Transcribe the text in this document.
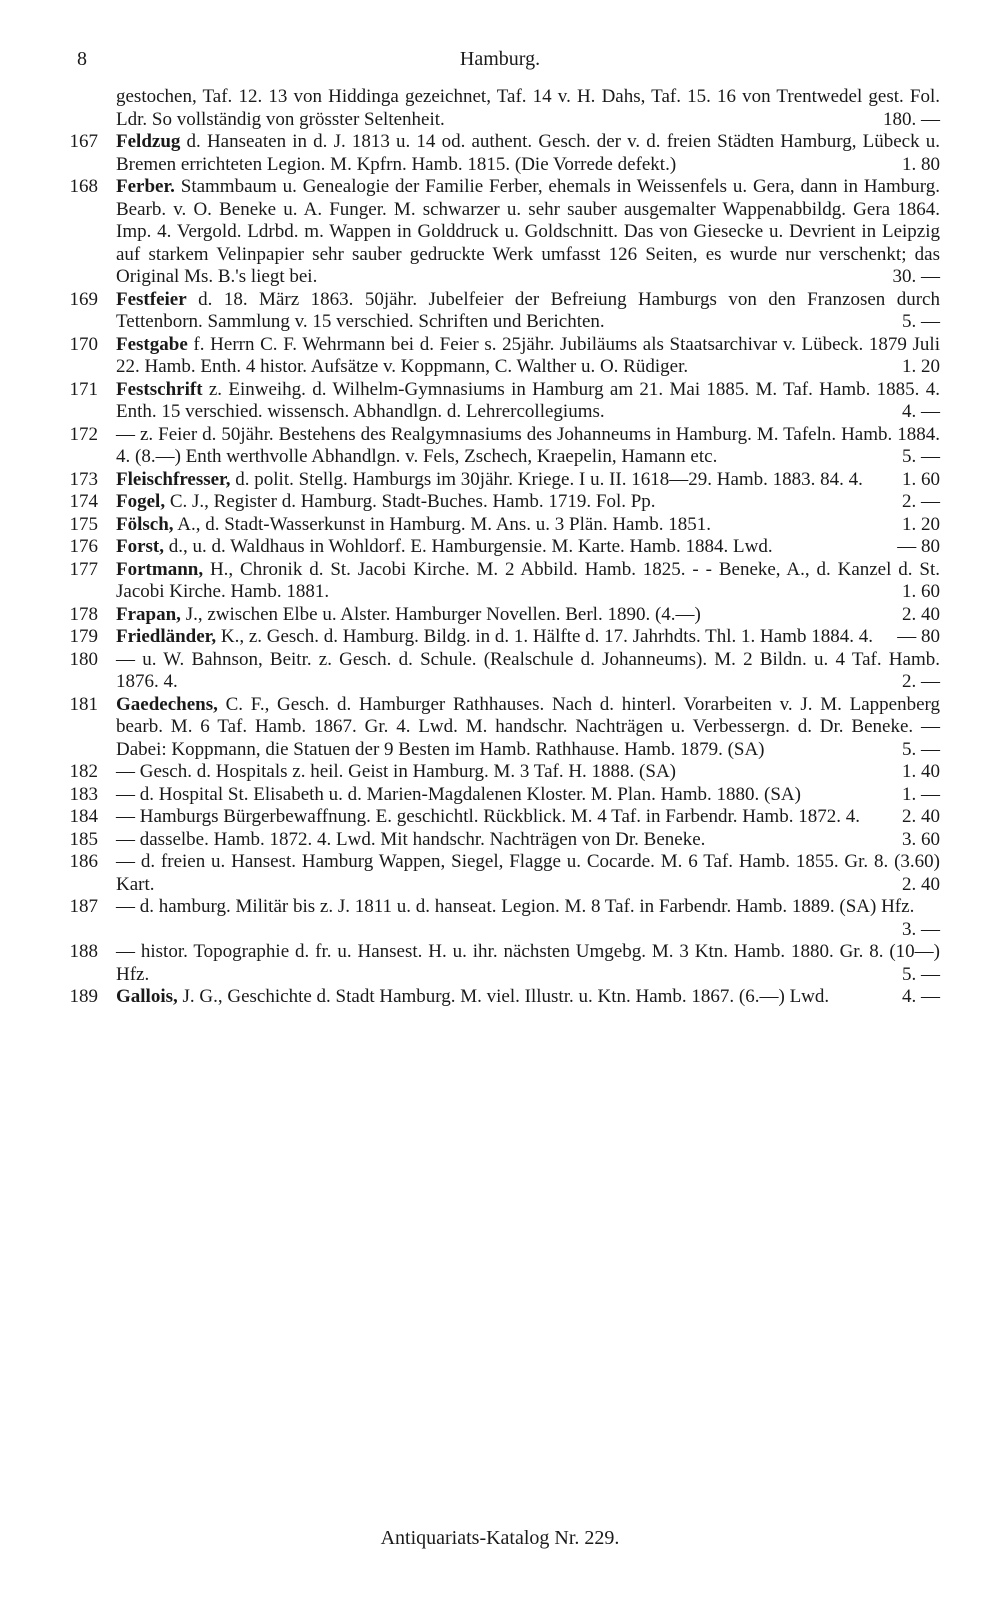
8	Hamburg.
gestochen, Taf. 12. 13 von Hiddinga gezeichnet, Taf. 14 v. H. Dahs, Taf. 15. 16 von Trentwedel gest. Fol. Ldr. So vollständig von grösster Seltenheit.	180. —
167 Feldzug d. Hanseaten in d. J. 1813 u. 14 od. authent. Gesch. der v. d. freien Städten Hamburg, Lübeck u. Bremen errichteten Legion. M. Kpfrn. Hamb. 1815. (Die Vorrede defekt.)	1. 80
168 Ferber. Stammbaum u. Genealogie der Familie Ferber, ehemals in Weissenfels u. Gera, dann in Hamburg. Bearb. v. O. Beneke u. A. Funger. M. schwarzer u. sehr sauber ausgemalter Wappenabbildg. Gera 1864. Imp. 4. Vergold. Ldrbd. m. Wappen in Golddruck u. Goldschnitt. Das von Giesecke u. Devrient in Leipzig auf starkem Velinpapier sehr sauber gedruckte Werk umfasst 126 Seiten, es wurde nur verschenkt; das Original Ms. B.'s liegt bei.	30. —
169 Festfeier d. 18. März 1863. 50jähr. Jubelfeier der Befreiung Hamburgs von den Franzosen durch Tettenborn. Sammlung v. 15 verschied. Schriften und Berichten.	5. —
170 Festgabe f. Herrn C. F. Wehrmann bei d. Feier s. 25jähr. Jubiläums als Staatsarchivar v. Lübeck. 1879 Juli 22. Hamb. Enth. 4 histor. Aufsätze v. Koppmann, C. Walther u. O. Rüdiger.	1. 20
171 Festschrift z. Einweihg. d. Wilhelm-Gymnasiums in Hamburg am 21. Mai 1885. M. Taf. Hamb. 1885. 4. Enth. 15 verschied. wissensch. Abhandlgn. d. Lehrercollegiums.	4. —
172 — z. Feier d. 50jähr. Bestehens des Realgymnasiums des Johanneums in Hamburg. M. Tafeln. Hamb. 1884. 4. (8.—) Enth werthvolle Abhandlgn. v. Fels, Zschech, Kraepelin, Hamann etc.	5. —
173 Fleischfresser, d. polit. Stellg. Hamburgs im 30jähr. Kriege. I u. II. 1618—29. Hamb. 1883. 84. 4.	1. 60
174 Fogel, C. J., Register d. Hamburg. Stadt-Buches. Hamb. 1719. Fol. Pp.	2. —
175 Fölsch, A., d. Stadt-Wasserkunst in Hamburg. M. Ans. u. 3 Plän. Hamb. 1851.	1. 20
176 Forst, d., u. d. Waldhaus in Wohldorf. E. Hamburgensie. M. Karte. Hamb. 1884. Lwd.	— 80
177 Fortmann, H., Chronik d. St. Jacobi Kirche. M. 2 Abbild. Hamb. 1825. - - Beneke, A., d. Kanzel d. St. Jacobi Kirche. Hamb. 1881.	1. 60
178 Frapan, J., zwischen Elbe u. Alster. Hamburger Novellen. Berl. 1890. (4.—)	2. 40
179 Friedländer, K., z. Gesch. d. Hamburg. Bildg. in d. 1. Hälfte d. 17. Jahrhdts. Thl. 1. Hamb 1884. 4.	— 80
180 — u. W. Bahnson, Beitr. z. Gesch. d. Schule. (Realschule d. Johanneums). M. 2 Bildn. u. 4 Taf. Hamb. 1876. 4.	2. —
181 Gaedechens, C. F., Gesch. d. Hamburger Rathhauses. Nach d. hinterl. Vorarbeiten v. J. M. Lappenberg bearb. M. 6 Taf. Hamb. 1867. Gr. 4. Lwd. M. handschr. Nachträgen u. Verbessergn. d. Dr. Beneke. — Dabei: Koppmann, die Statuen der 9 Besten im Hamb. Rathhause. Hamb. 1879. (SA)	5. —
182 — Gesch. d. Hospitals z. heil. Geist in Hamburg. M. 3 Taf. H. 1888. (SA)	1. 40
183 — d. Hospital St. Elisabeth u. d. Marien-Magdalenen Kloster. M. Plan. Hamb. 1880. (SA)	1. —
184 — Hamburgs Bürgerbewaffnung. E. geschichtl. Rückblick. M. 4 Taf. in Farbendr. Hamb. 1872. 4.	2. 40
185 — dasselbe. Hamb. 1872. 4. Lwd. Mit handschr. Nachträgen von Dr. Beneke.	3. 60
186 — d. freien u. Hansest. Hamburg Wappen, Siegel, Flagge u. Cocarde. M. 6 Taf. Hamb. 1855. Gr. 8. (3.60) Kart.	2. 40
187 — d. hamburg. Militär bis z. J. 1811 u. d. hanseat. Legion. M. 8 Taf. in Farbendr. Hamb. 1889. (SA) Hfz.
3. —
188 — histor. Topographie d. fr. u. Hansest. H. u. ihr. nächsten Umgebg. M. 3 Ktn. Hamb. 1880. Gr. 8. (10—) Hfz.	5. —
189 Gallois, J. G., Geschichte d. Stadt Hamburg. M. viel. Illustr. u. Ktn. Hamb. 1867. (6.—) Lwd.	4. —
Antiquariats-Katalog Nr. 229.
